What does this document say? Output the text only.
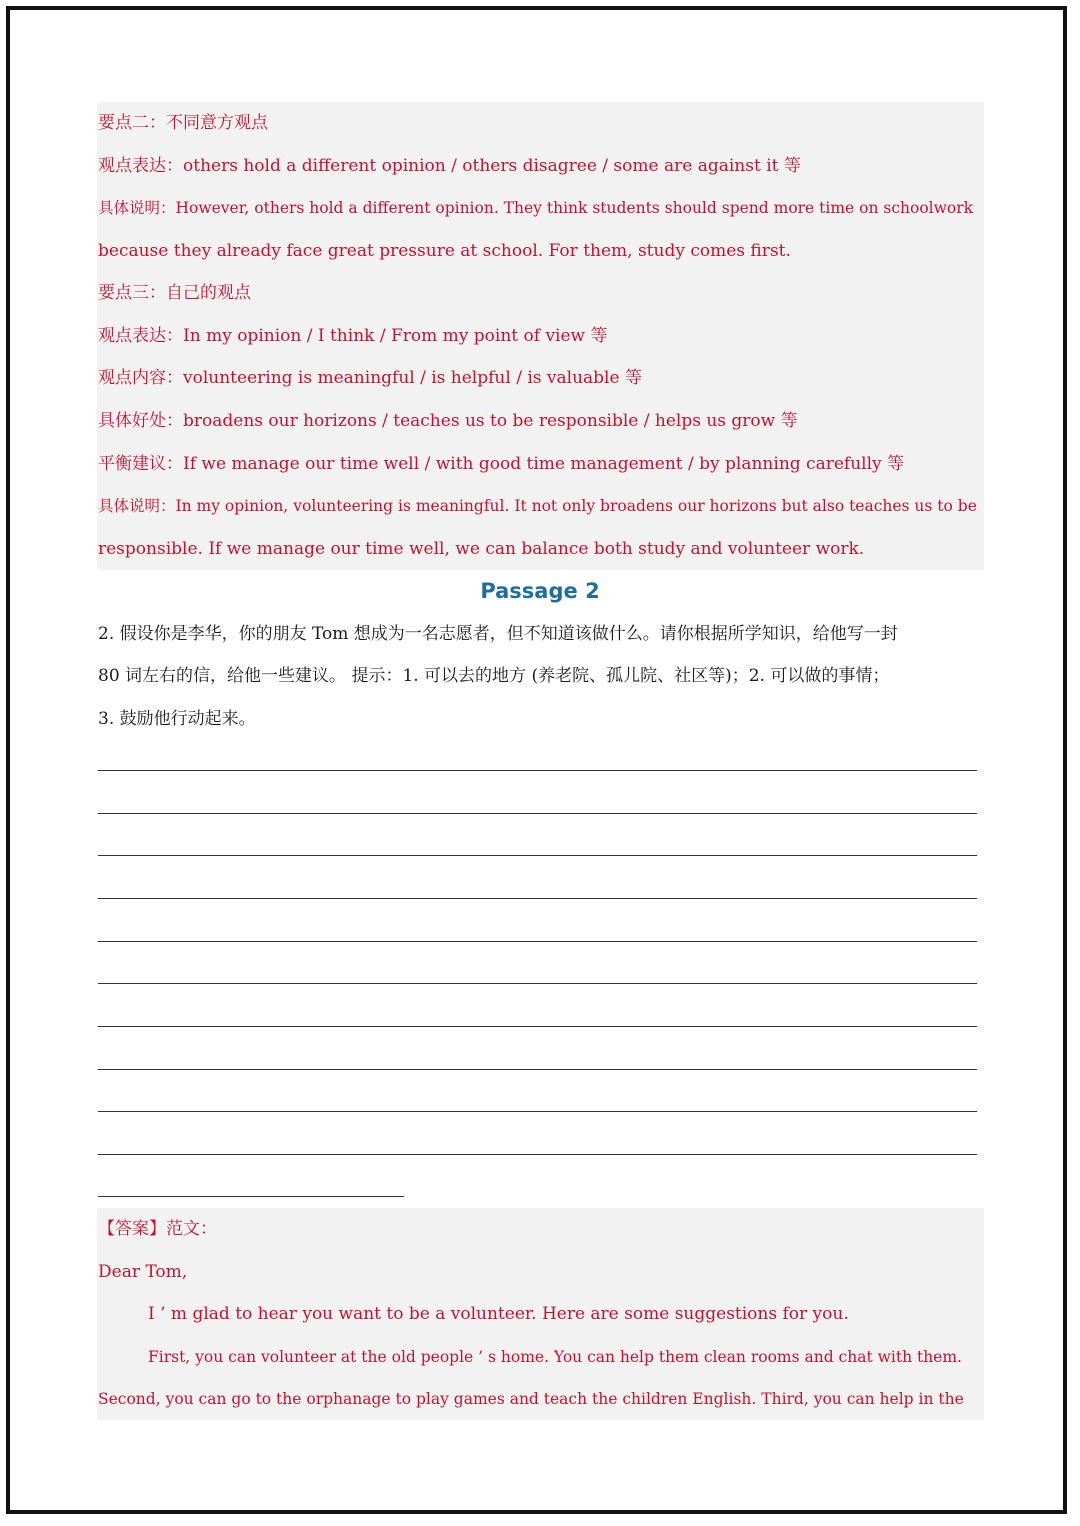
要点二：不同意方观点
观点表达：others hold a different opinion / others disagree / some are against it 等
具体说明：However, others hold a different opinion. They think students should spend more time on schoolwork
because they already face great pressure at school. For them, study comes first.
要点三：自己的观点
观点表达：In my opinion / I think / From my point of view 等
观点内容：volunteering is meaningful / is helpful / is valuable 等
具体好处：broadens our horizons / teaches us to be responsible / helps us grow 等
平衡建议：If we manage our time well / with good time management / by planning carefully 等
具体说明：In my opinion, volunteering is meaningful. It not only broadens our horizons but also teaches us to be
responsible. If we manage our time well, we can balance both study and volunteer work.
Passage 2
2. 假设你是李华，你的朋友 Tom 想成为一名志愿者，但不知道该做什么。请你根据所学知识，给他写一封
80 词左右的信，给他一些建议。 提示：1. 可以去的地方 (养老院、孤儿院、社区等)；2. 可以做的事情；
3. 鼓励他行动起来。
【答案】范文：
Dear Tom,
I ’ m glad to hear you want to be a volunteer. Here are some suggestions for you.
First, you can volunteer at the old people ’ s home. You can help them clean rooms and chat with them.
Second, you can go to the orphanage to play games and teach the children English. Third, you can help in the
